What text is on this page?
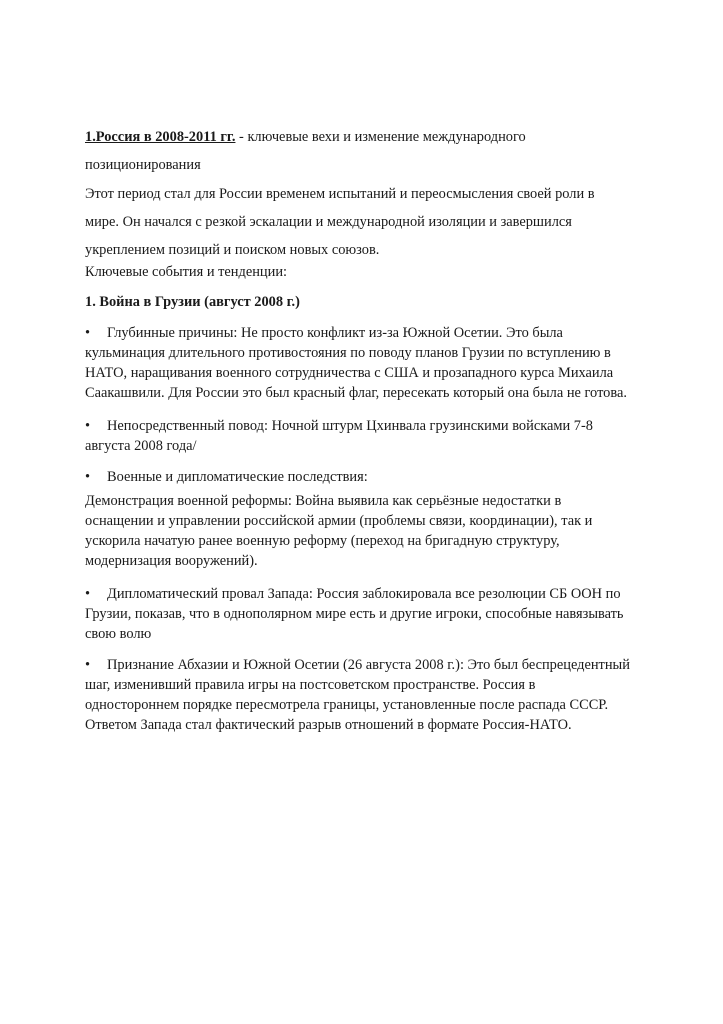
1.Россия в 2008-2011 гг. - ключевые вехи и изменение международного
позиционирования
Этот период стал для России временем испытаний и переосмысления своей роли в
мире. Он начался с резкой эскалации и международной изоляции и завершился
укреплением позиций и поиском новых союзов.
Ключевые события и тенденции:
1. Война в Грузии (август 2008 г.)
• Глубинные причины: Не просто конфликт из-за Южной Осетии. Это была
кульминация длительного противостояния по поводу планов Грузии по вступлению в
НАТО, наращивания военного сотрудничества с США и прозападного курса Михаила
Саакашвили. Для России это был красный флаг, пересекать который она была не готова.
• Непосредственный повод: Ночной штурм Цхинвала грузинскими войсками 7-8
августа 2008 года/
• Военные и дипломатические последствия:
Демонстрация военной реформы: Война выявила как серьёзные недостатки в
оснащении и управлении российской армии (проблемы связи, координации), так и
ускорила начатую ранее военную реформу (переход на бригадную структуру,
модернизация вооружений).
• Дипломатический провал Запада: Россия заблокировала все резолюции СБ ООН по
Грузии, показав, что в однополярном мире есть и другие игроки, способные навязывать
свою волю
• Признание Абхазии и Южной Осетии (26 августа 2008 г.): Это был беспрецедентный
шаг, изменивший правила игры на постсоветском пространстве. Россия в
одностороннем порядке пересмотрела границы, установленные после распада СССР.
Ответом Запада стал фактический разрыв отношений в формате Россия-НАТО.
